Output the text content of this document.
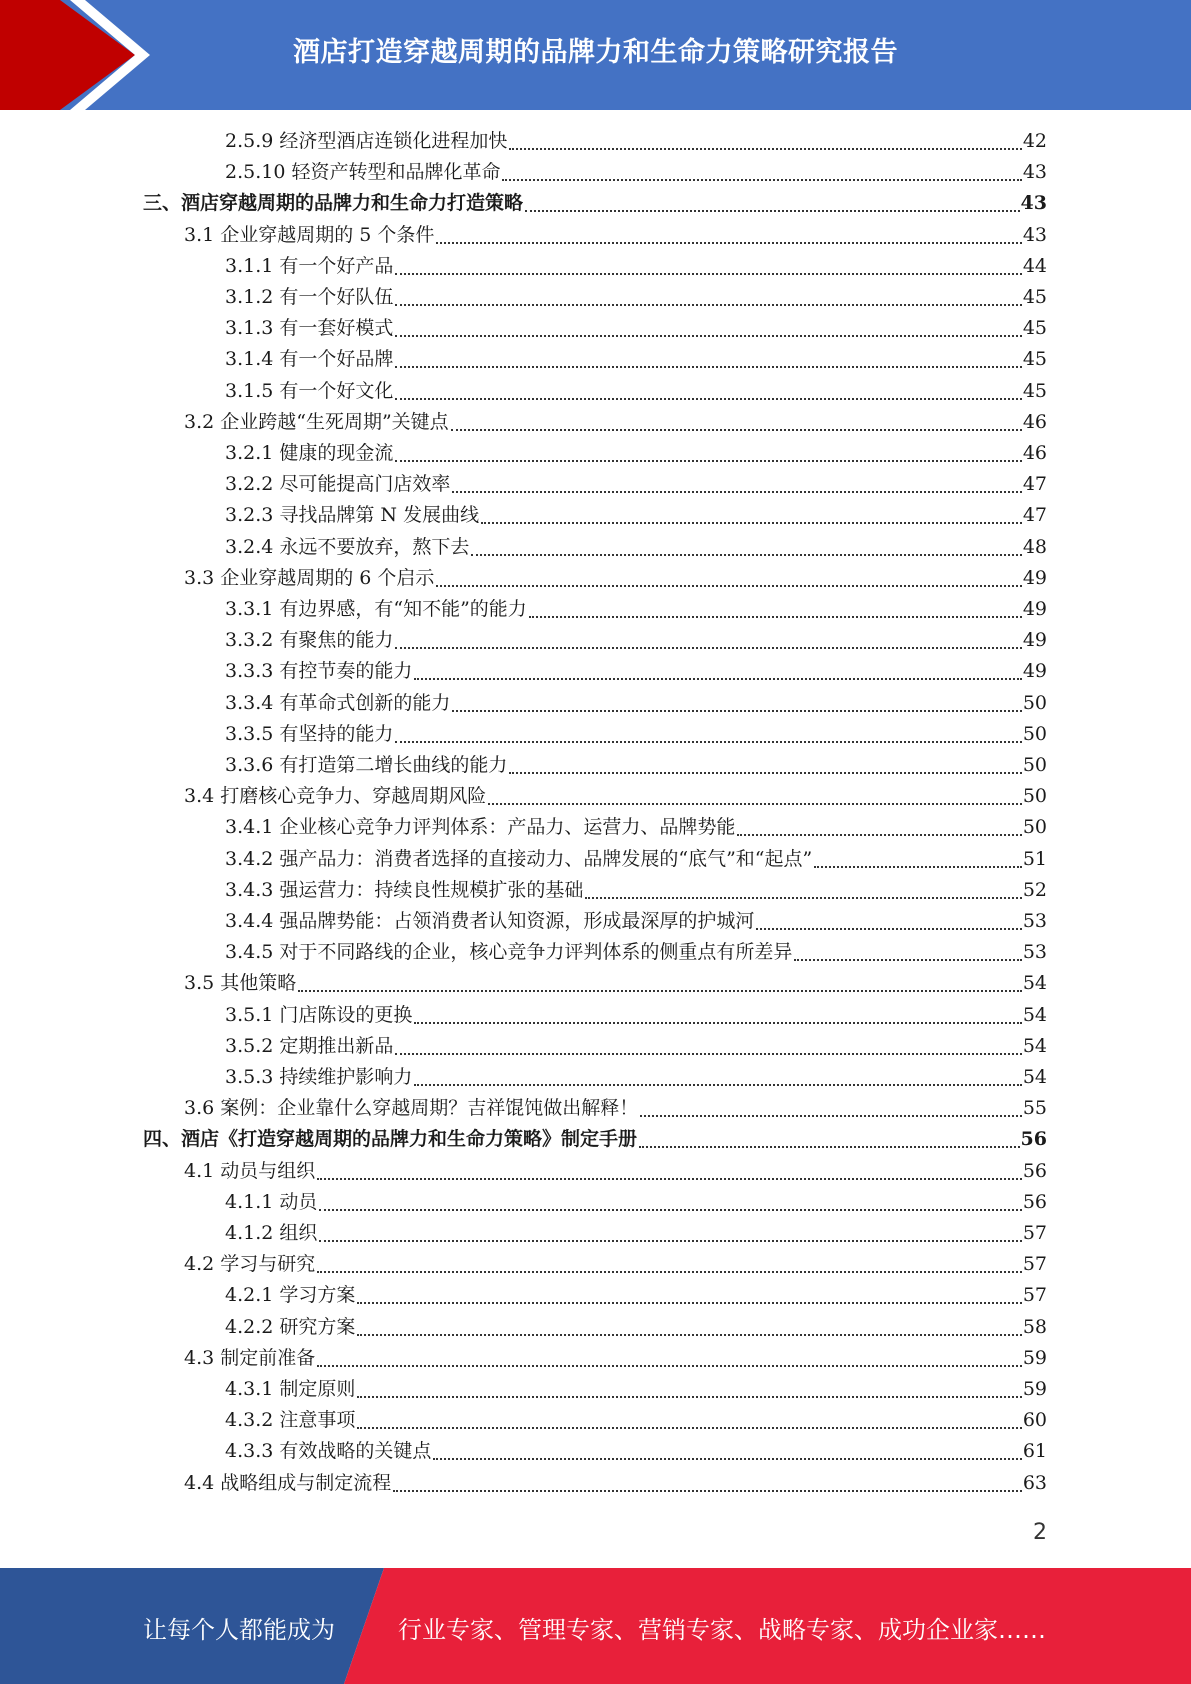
酒店打造穿越周期的品牌力和生命力策略研究报告
2.5.9 经济型酒店连锁化进程加快	42
2.5.10 轻资产转型和品牌化革命	43
三、酒店穿越周期的品牌力和生命力打造策略	43
3.1 企业穿越周期的 5 个条件	43
3.1.1 有一个好产品	44
3.1.2 有一个好队伍	45
3.1.3 有一套好模式	45
3.1.4 有一个好品牌	45
3.1.5 有一个好文化	45
3.2 企业跨越“生死周期”关键点	46
3.2.1 健康的现金流	46
3.2.2 尽可能提高门店效率	47
3.2.3 寻找品牌第 N 发展曲线	47
3.2.4 永远不要放弃，熬下去	48
3.3 企业穿越周期的 6 个启示	49
3.3.1 有边界感，有“知不能”的能力	49
3.3.2 有聚焦的能力	49
3.3.3 有控节奏的能力	49
3.3.4 有革命式创新的能力	50
3.3.5 有坚持的能力	50
3.3.6 有打造第二增长曲线的能力	50
3.4 打磨核心竞争力、穿越周期风险	50
3.4.1 企业核心竞争力评判体系：产品力、运营力、品牌势能	50
3.4.2 强产品力：消费者选择的直接动力、品牌发展的“底气”和“起点”	51
3.4.3 强运营力：持续良性规模扩张的基础	52
3.4.4 强品牌势能：占领消费者认知资源，形成最深厚的护城河	53
3.4.5 对于不同路线的企业，核心竞争力评判体系的侧重点有所差异	53
3.5 其他策略	54
3.5.1 门店陈设的更换	54
3.5.2 定期推出新品	54
3.5.3 持续维护影响力	54
3.6 案例：企业靠什么穿越周期？吉祥馄饨做出解释！	55
四、酒店《打造穿越周期的品牌力和生命力策略》制定手册	56
4.1 动员与组织	56
4.1.1 动员	56
4.1.2 组织	57
4.2 学习与研究	57
4.2.1 学习方案	57
4.2.2 研究方案	58
4.3 制定前准备	59
4.3.1 制定原则	59
4.3.2 注意事项	60
4.3.3 有效战略的关键点	61
4.4 战略组成与制定流程	63
2
让每个人都能成为	行业专家、管理专家、营销专家、战略专家、成功企业家……
